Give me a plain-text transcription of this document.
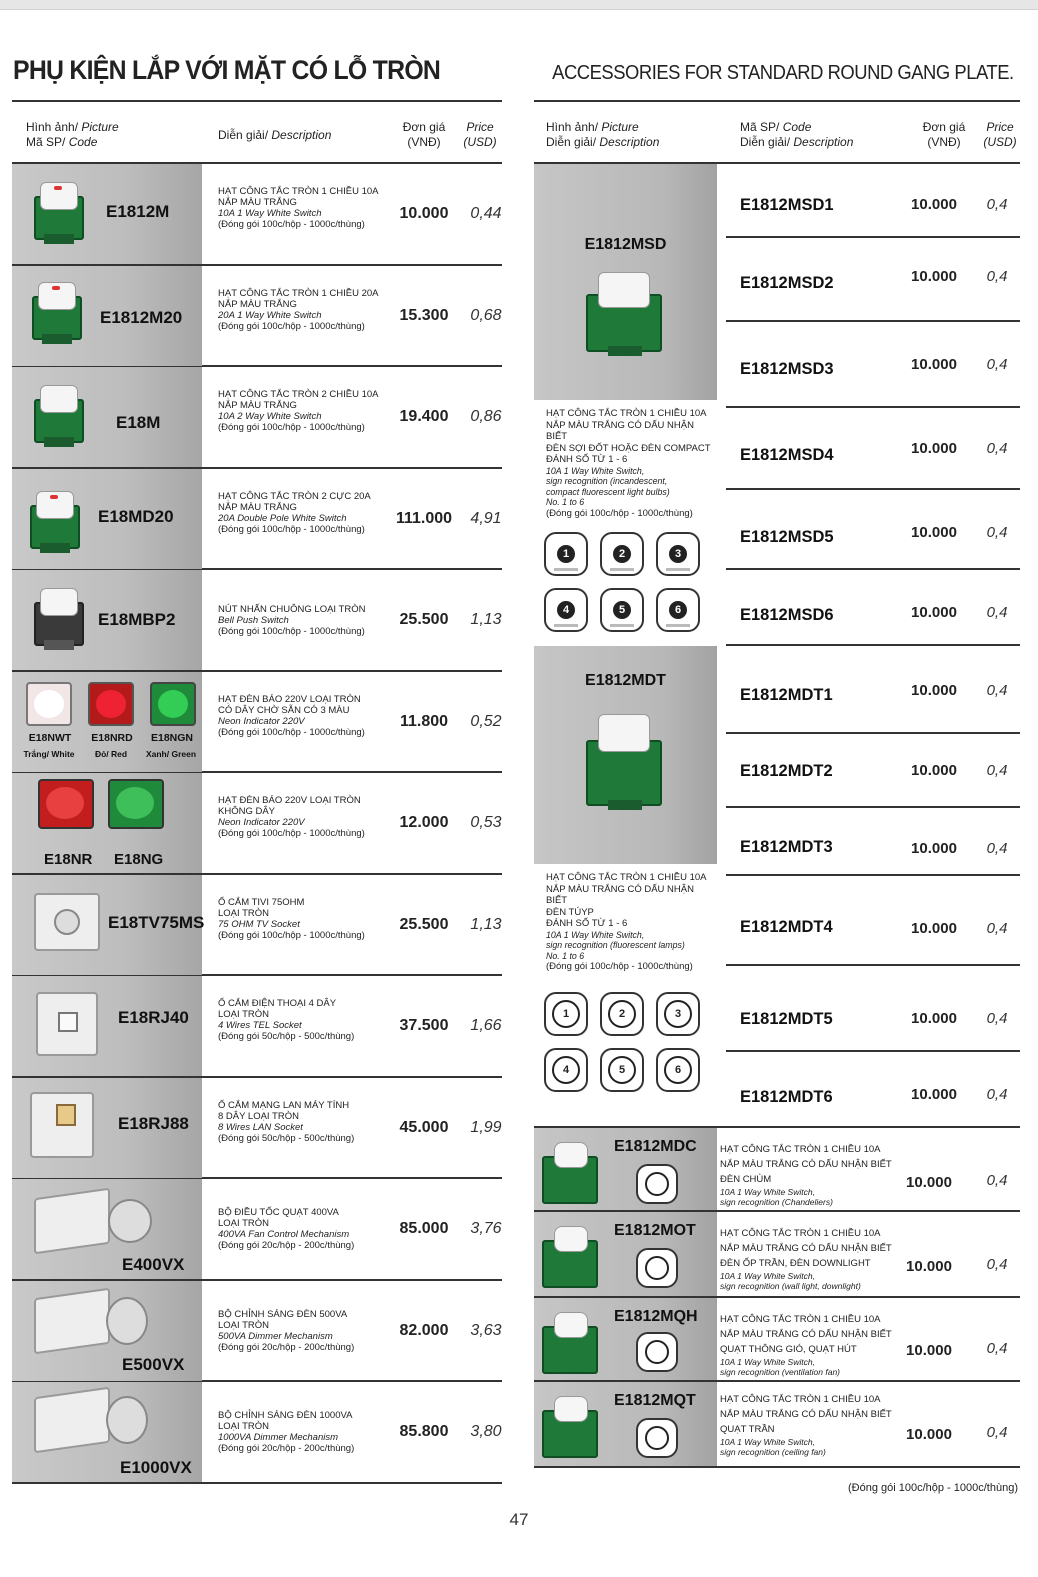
PHỤ KIỆN LẮP VỚI MẶT CÓ LỖ TRÒN	ACCESSORIES FOR STANDARD ROUND GANG PLATE.
Hình ảnh/ Picture
Mã SP/ Code	Diễn giải/ Description
Đơn giá
(VNĐ)
Price
(USD)
E1812M
HẠT CÔNG TẮC TRÒN 1 CHIỀU 10A
NẮP MÀU TRẮNG
10A 1 Way White Switch
(Đóng gói 100c/hộp - 1000c/thùng)
10.000	0,44
E1812M20
HẠT CÔNG TẮC TRÒN 1 CHIỀU 20A
NẮP MÀU TRẮNG
20A 1 Way White Switch
(Đóng gói 100c/hộp - 1000c/thùng)
15.300	0,68
E18M
HẠT CÔNG TẮC TRÒN 2 CHIỀU 10A
NẮP MÀU TRẮNG
10A 2 Way White Switch
(Đóng gói 100c/hộp - 1000c/thùng)
19.400	0,86
E18MD20
HẠT CÔNG TẮC TRÒN 2 CỰC 20A
NẮP MÀU TRẮNG
20A Double Pole White Switch
(Đóng gói 100c/hộp - 1000c/thùng)
111.000	4,91
E18MBP2
NÚT NHẤN CHUÔNG LOẠI TRÒN
Bell Push Switch
(Đóng gói 100c/hộp - 1000c/thùng)
25.500	1,13
E18NWT	E18NRD	E18NGN
Trắng/ White	Đỏ/ Red	Xanh/ Green
HẠT ĐÈN BÁO 220V LOẠI TRÒN
CÓ DÂY CHỜ SẴN CÓ 3 MÀU
Neon Indicator 220V
(Đóng gói 100c/hộp - 1000c/thùng)
11.800	0,52
E18NR E18NG
HẠT ĐÈN BÁO 220V LOẠI TRÒN
KHÔNG DÂY
Neon Indicator 220V
(Đóng gói 100c/hộp - 1000c/thùng)
12.000	0,53
E18TV75MS
Ổ CẮM TIVI 75OHM
LOẠI TRÒN
75 OHM TV Socket
(Đóng gói 100c/hộp - 1000c/thùng)
25.500	1,13
E18RJ40
Ổ CẮM ĐIỆN THOẠI 4 DÂY
LOẠI TRÒN
4 Wires TEL Socket
(Đóng gói 50c/hộp - 500c/thùng)
37.500	1,66
E18RJ88
Ổ CẮM MẠNG LAN MÁY TÍNH
8 DÂY LOẠI TRÒN
8 Wires LAN Socket
(Đóng gói 50c/hộp - 500c/thùng)
45.000	1,99
E400VX
BỘ ĐIỀU TỐC QUẠT 400VA
LOẠI TRÒN
400VA Fan Control Mechanism
(Đóng gói 20c/hộp - 200c/thùng)
85.000	3,76
E500VX
BỘ CHỈNH SÁNG ĐÈN 500VA
LOẠI TRÒN
500VA Dimmer Mechanism
(Đóng gói 20c/hộp - 200c/thùng)
82.000	3,63
E1000VX
BỘ CHỈNH SÁNG ĐÈN 1000VA
LOẠI TRÒN
1000VA Dimmer Mechanism
(Đóng gói 20c/hộp - 200c/thùng)
85.800	3,80
Hình ảnh/ Picture
Diễn giải/ Description
Mã SP/ Code
Diễn giải/ Description
Đơn giá
(VNĐ)
Price
(USD)
E1812MSD
HẠT CÔNG TẮC TRÒN 1 CHIỀU 10A
NẮP MÀU TRẮNG CÓ DẤU NHẬN BIẾT
ĐÈN SỢI ĐỐT HOẶC ĐÈN COMPACT
ĐÁNH SỐ TỪ 1 - 6
10A 1 Way White Switch,
sign recognition (incandescent,
compact fluorescent light bulbs)
No. 1 to 6
(Đóng gói 100c/hộp - 1000c/thùng)
1	2	3
4	5	6
E1812MSD1	10.000	0,4
E1812MSD2	10.000	0,4
E1812MSD3	10.000	0,4
E1812MSD4	10.000	0,4
E1812MSD5	10.000	0,4
E1812MSD6	10.000	0,4
E1812MDT
HẠT CÔNG TẮC TRÒN 1 CHIỀU 10A
NẮP MÀU TRẮNG CÓ DẤU NHẬN BIẾT
ĐÈN TÚYP
ĐÁNH SỐ TỪ 1 - 6
10A 1 Way White Switch,
sign recognition (fluorescent lamps)
No. 1 to 6
(Đóng gói 100c/hộp - 1000c/thùng)
1	2	3
4	5	6
E1812MDT1	10.000	0,4
E1812MDT2	10.000	0,4
E1812MDT3	10.000	0,4
E1812MDT4	10.000	0,4
E1812MDT5	10.000	0,4
E1812MDT6	10.000	0,4
E1812MDC HẠT CÔNG TẮC TRÒN 1 CHIỀU 10A
NẮP MÀU TRẮNG CÓ DẤU NHẬN BIẾT
ĐÈN CHÙM
10A 1 Way White Switch,
sign recognition (Chandeliers)
10.000	0,4
E1812MOT	HẠT CÔNG TẮC TRÒN 1 CHIỀU 10A
NẮP MÀU TRẮNG CÓ DẤU NHẬN BIẾT
ĐÈN ỐP TRẦN, ĐÈN DOWNLIGHT
10A 1 Way White Switch,
sign recognition (wall light, downlight)
10.000	0,4
E1812MQH HẠT CÔNG TẮC TRÒN 1 CHIỀU 10A
NẮP MÀU TRẮNG CÓ DẤU NHẬN BIẾT
QUẠT THÔNG GIÓ, QUẠT HÚT
10A 1 Way White Switch,
sign recognition (ventilation fan)
10.000	0,4
E1812MQT	HẠT CÔNG TẮC TRÒN 1 CHIỀU 10A
NẮP MÀU TRẮNG CÓ DẤU NHẬN BIẾT
QUẠT TRẦN
10A 1 Way White Switch,
sign recognition (ceiling fan)
10.000	0,4
(Đóng gói 100c/hộp - 1000c/thùng)
47
